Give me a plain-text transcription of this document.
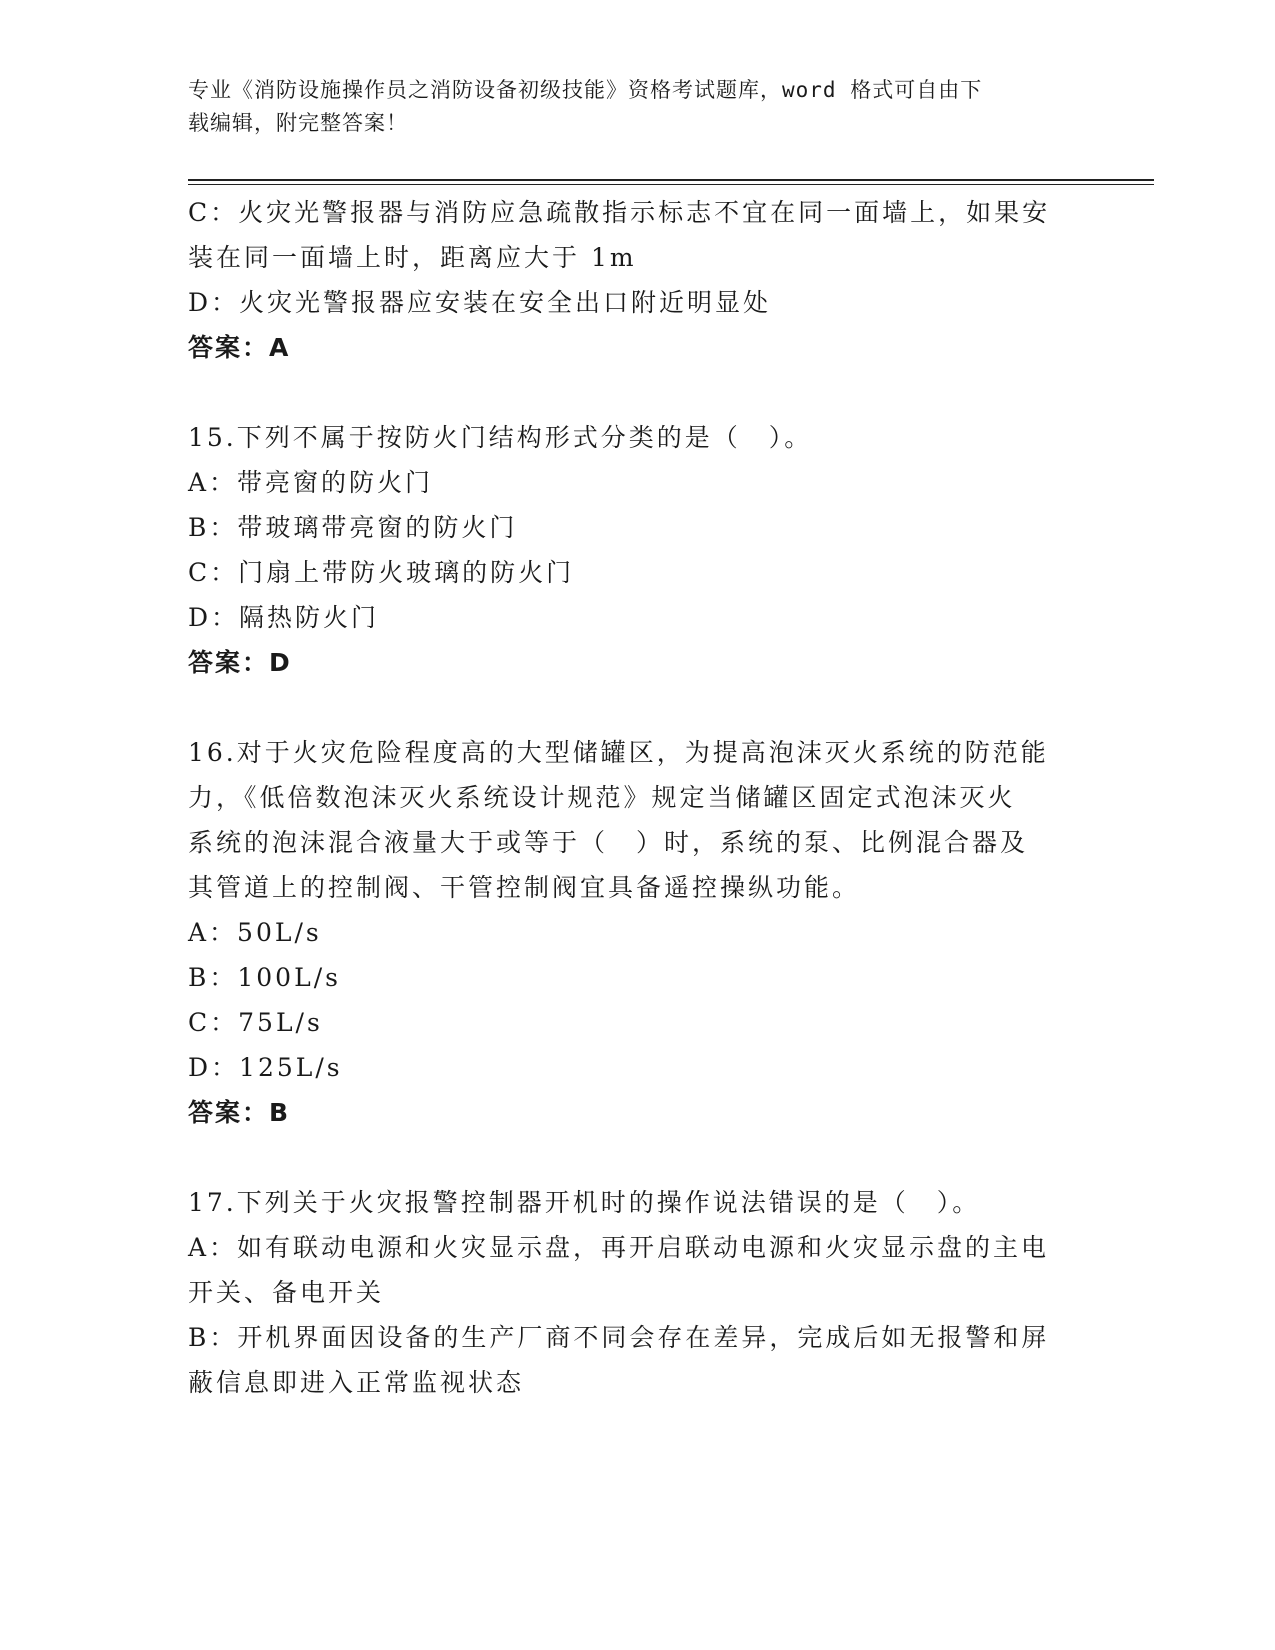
专业《消防设施操作员之消防设备初级技能》资格考试题库，word 格式可自由下
载编辑，附完整答案！
C：火灾光警报器与消防应急疏散指示标志不宜在同一面墙上，如果安
装在同一面墙上时，距离应大于 1m
D：火灾光警报器应安装在安全出口附近明显处
答案：A
15.下列不属于按防火门结构形式分类的是（　）。
A：带亮窗的防火门
B：带玻璃带亮窗的防火门
C：门扇上带防火玻璃的防火门
D：隔热防火门
答案：D
16.对于火灾危险程度高的大型储罐区，为提高泡沫灭火系统的防范能
力，《低倍数泡沫灭火系统设计规范》规定当储罐区固定式泡沫灭火
系统的泡沫混合液量大于或等于（　）时，系统的泵、比例混合器及
其管道上的控制阀、干管控制阀宜具备遥控操纵功能。
A：50L/s
B：100L/s
C：75L/s
D：125L/s
答案：B
17.下列关于火灾报警控制器开机时的操作说法错误的是（　）。
A：如有联动电源和火灾显示盘，再开启联动电源和火灾显示盘的主电
开关、备电开关
B：开机界面因设备的生产厂商不同会存在差异，完成后如无报警和屏
蔽信息即进入正常监视状态
